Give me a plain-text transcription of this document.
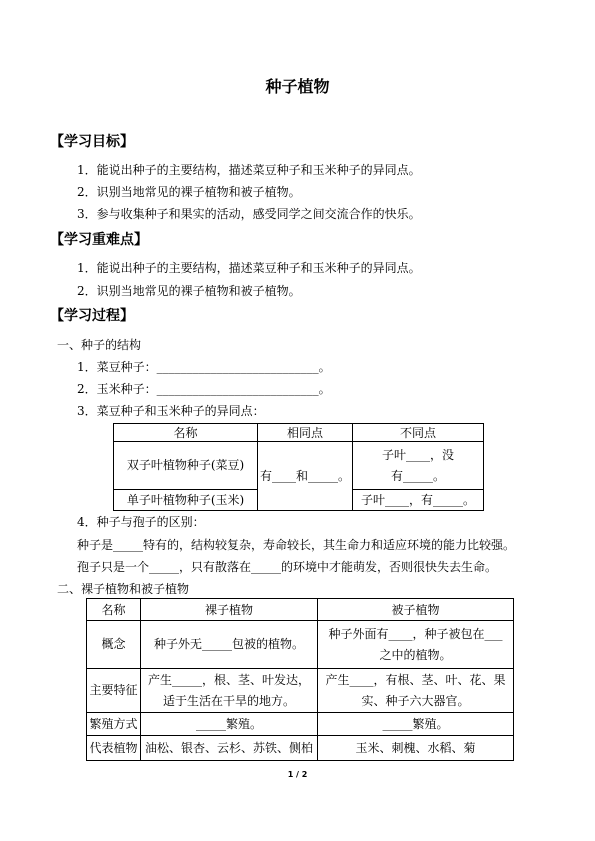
种子植物
【学习目标】
1．能说出种子的主要结构，描述菜豆种子和玉米种子的异同点。
2．识别当地常见的裸子植物和被子植物。
3．参与收集种子和果实的活动，感受同学之间交流合作的快乐。
【学习重难点】
1．能说出种子的主要结构，描述菜豆种子和玉米种子的异同点。
2．识别当地常见的裸子植物和被子植物。
【学习过程】
一、种子的结构
1．菜豆种子：___________________________。
2．玉米种子：___________________________。
3．菜豆种子和玉米种子的异同点：
名称	相同点	不同点
双子叶植物种子(菜豆)	有____和_____。	子叶____，没有_____。
单子叶植物种子(玉米)		子叶____，有_____。
4．种子与孢子的区别：
种子是_____特有的，结构较复杂，寿命较长，其生命力和适应环境的能力比较强。
孢子只是一个_____，只有散落在_____的环境中才能萌发，否则很快失去生命。
二、裸子植物和被子植物
名称	裸子植物	被子植物
概念	种子外无_____包被的植物。	种子外面有____，种子被包在___之中的植物。
主要特征	产生_____，根、茎、叶发达，适于生活在干旱的地方。	产生____，有根、茎、叶、花、果实、种子六大器官。
繁殖方式	_____繁殖。	_____繁殖。
代表植物	油松、银杏、云杉、苏铁、侧柏	玉米、刺槐、水稻、菊
1 / 2
